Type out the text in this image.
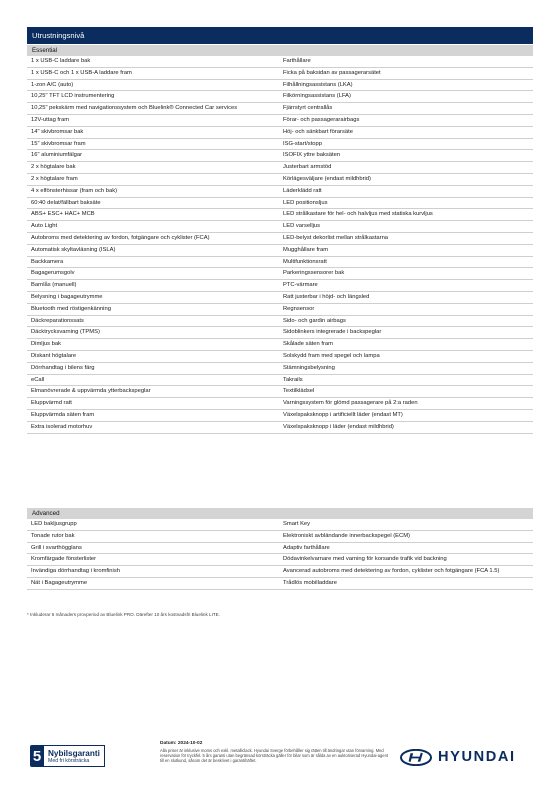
Utrustningsnivå
Essential
1 x USB-C laddare bak	Farthållare
1 x USB-C och 1 x USB-A laddare fram	Ficka på baksidan av passagerarsätet
1-zon A/C (auto)	Filhållningsassistans (LKA)
10,25" TFT LCD instrumentering	Filkörningsassistans (LFA)
10,25" pekskärm med navigationssystem och Bluelink® Connected Car services	Fjärrstyrt centrallås
12V-uttag fram	Förar- och passagerarairbags
14" skivbromsar bak	Höj- och sänkbart förarsäte
15" skivbromsar fram	ISG-start/stopp
16" aluminiumfälgar	ISOFIX yttre baksäten
2 x högtalare bak	Justerbart armstöd
2 x högtalare fram	Körlägesväljare (endast mildhbrid)
4 x elfönsterhissar (fram och bak)	Läderklädd ratt
60:40 delat/fällbart baksäte	LED positionsljus
ABS+ ESC+ HAC+ MCB	LED strålkastare för hel- och halvljus med statiska kurvljus
Auto Light	LED varselljus
Autobroms med detektering av fordon, fotgängare och cyklister (FCA)	LED-belyst dekorlist mellan strålkastarna
Automatisk skyltavläsning (ISLA)	Mugghållare fram
Backkamera	Multifunktionsratt
Bagagerumsgolv	Parkeringssensorer bak
Barnlås (manuell)	PTC-värmare
Belysning i bagageutrymme	Ratt justerbar i höjd- och längsled
Bluetooth med röstigenkänning	Regnsensor
Däckreparationssats	Sido- och gardin airbags
Däcktrycksvarning (TPMS)	Sidoblinkers integrerade i backspeglar
Dimljus bak	Skålade säten fram
Diskant högtalare	Solskydd fram med spegel och lampa
Dörrhandtag i bilens färg	Stämningsbelysning
eCall	Takrails
Elmanövrerade & uppvärmda ytterbackspeglar	Textilklädsel
Eluppvärmd ratt	Varningssystem för glömd passagerare på 2:a raden
Eluppvärmda säten fram	Växelspaksknopp i artificiellt läder (endast MT)
Extra isolerad motorhuv	Växelspaksknopp i läder (endast mildhbrid)
Advanced
LED bakljusgrupp	Smart Key
Tonade rutor bak	Elektroniskt avbländande innerbackspegel (ECM)
Grill i svarthögglans	Adaptiv farthållare
Kromfärgade fönsterlister	Dödavinkelvarnare med varning för korsande trafik vid backning
Invändiga dörrhandtag i kromfinish	Avancerad autobroms med detektering av fordon, cyklister och fotgängare (FCA 1.5)
Nät i Bagageutrymme	Trådlös mobilladdare
* Inkluderar 6 månaders provperiod av Bluelink PRO. Därefter 10 års kostnadsfri Bluelink LITE.
5 Nybilsgaranti
Med fri körsträcka
Datum: 2024-10-02
Alla priser är inklusive moms och exkl. metalliclack. Hyundai Sverge förbehåller sig rätten till ändringar utan förvarning. Med reservation för tryckfel. 5 års garanti utan begränsad körsträcka gäller för bilar som är sålda av en auktoriserad Hyundai-agent till en slutkund, såsom det är beskrivet i garantihäftet.	HYUNDAI
